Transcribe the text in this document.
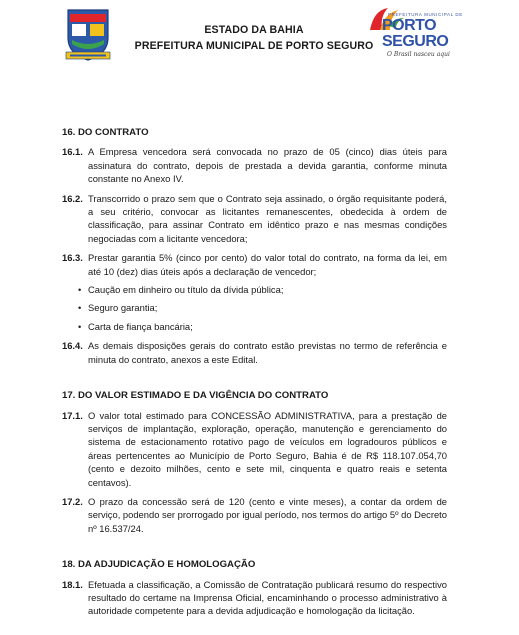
ESTADO DA BAHIA
PREFEITURA MUNICIPAL DE PORTO SEGURO
PREFEITURA MUNICIPAL DE
PORTO
SEGURO
O Brasil nasceu aqui
16. DO CONTRATO
16.1. A Empresa vencedora será convocada no prazo de 05 (cinco) dias úteis para assinatura do contrato, depois de prestada a devida garantia, conforme minuta constante no Anexo IV.
16.2. Transcorrido o prazo sem que o Contrato seja assinado, o órgão requisitante poderá, a seu critério, convocar as licitantes remanescentes, obedecida à ordem de classificação, para assinar Contrato em idêntico prazo e nas mesmas condições negociadas com a licitante vencedora;
16.3. Prestar garantia 5% (cinco por cento) do valor total do contrato, na forma da lei, em até 10 (dez) dias úteis após a declaração de vencedor;
• Caução em dinheiro ou título da dívida pública;
• Seguro garantia;
• Carta de fiança bancária;
16.4. As demais disposições gerais do contrato estão previstas no termo de referência e minuta do contrato, anexos a este Edital.
17. DO VALOR ESTIMADO E DA VIGÊNCIA DO CONTRATO
17.1. O valor total estimado para CONCESSÃO ADMINISTRATIVA, para a prestação de serviços de implantação, exploração, operação, manutenção e gerenciamento do sistema de estacionamento rotativo pago de veículos em logradouros públicos e áreas pertencentes ao Município de Porto Seguro, Bahia é de R$ 118.107.054,70 (cento e dezoito milhões, cento e sete mil, cinquenta e quatro reais e setenta centavos).
17.2. O prazo da concessão será de 120 (cento e vinte meses), a contar da ordem de serviço, podendo ser prorrogado por igual período, nos termos do artigo 5º do Decreto nº 16.537/24.
18. DA ADJUDICAÇÃO E HOMOLOGAÇÃO
18.1. Efetuada a classificação, a Comissão de Contratação publicará resumo do respectivo resultado do certame na Imprensa Oficial, encaminhando o processo administrativo à autoridade competente para a devida adjudicação e homologação da licitação.
